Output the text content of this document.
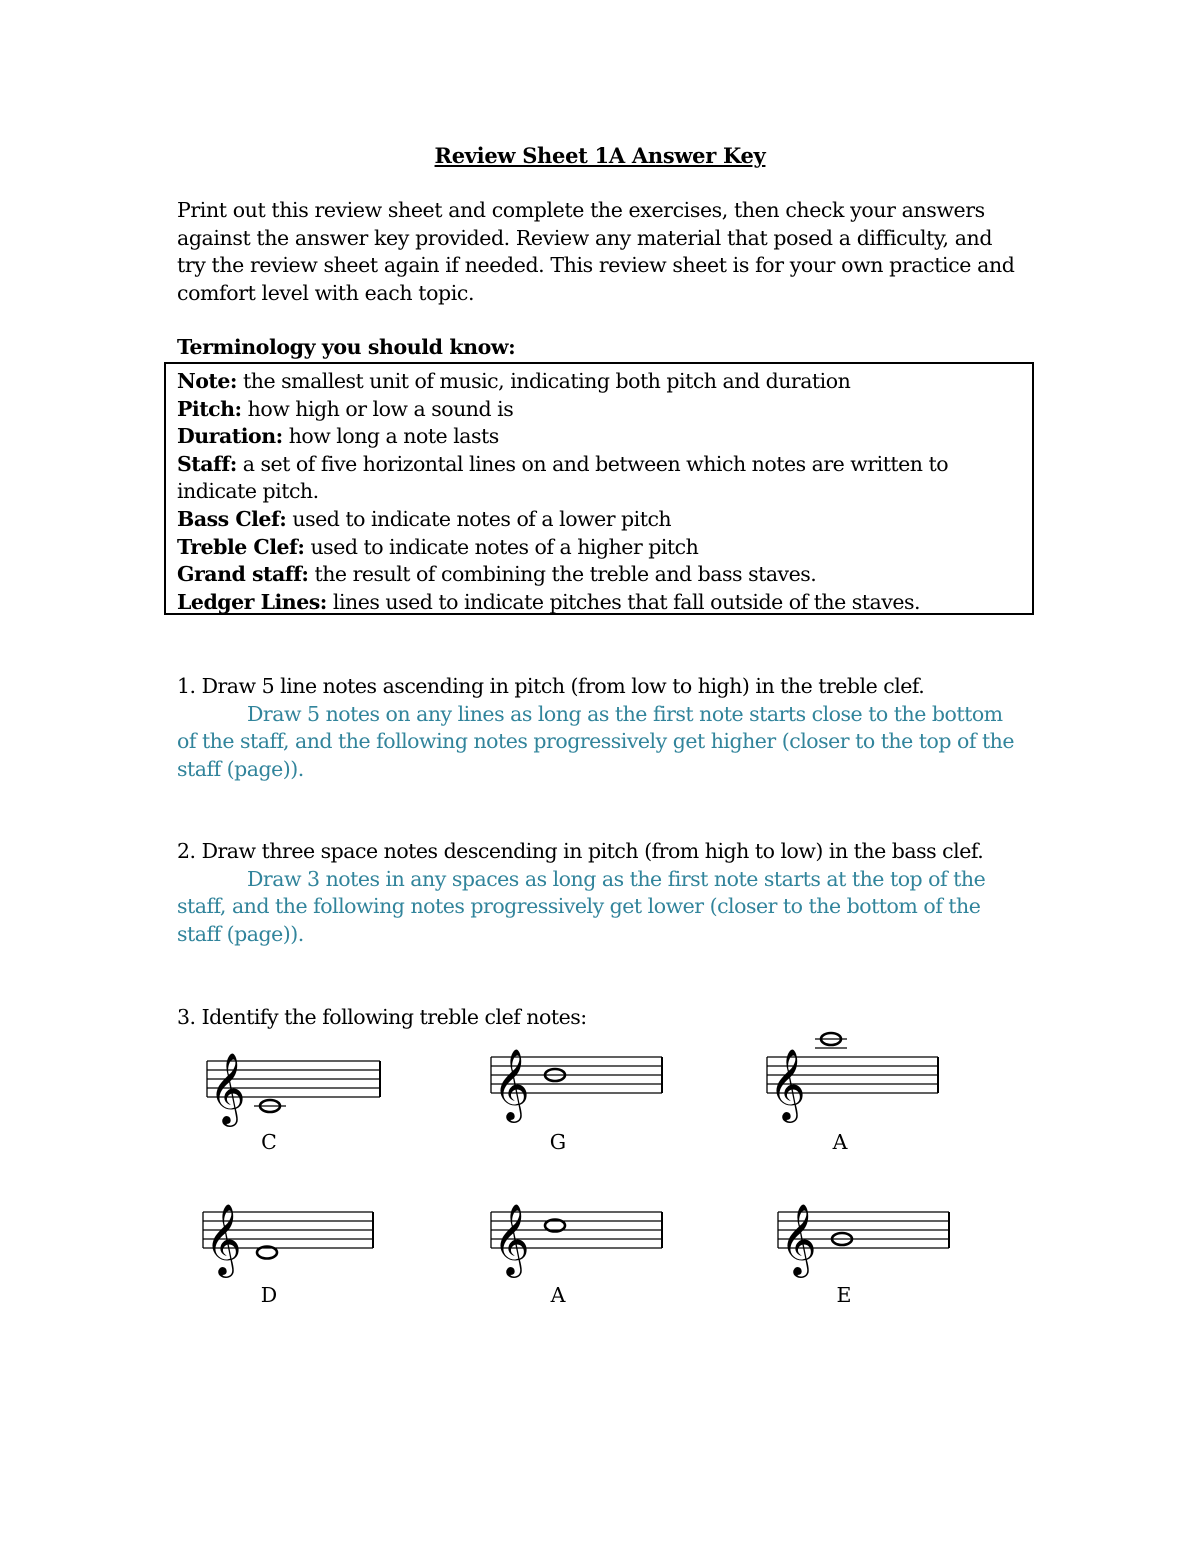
Review Sheet 1A Answer Key

Print out this review sheet and complete the exercises, then check your answers

against the answer key provided. Review any material that posed a difficulty, and

try the review sheet again if needed. This review sheet is for your own practice and

comfort level with each topic.

Terminology you should know:
Note: the smallest unit of music, indicating both pitch and duration
Pitch: how high or low a sound is
Duration: how long a note lasts
Staff: a set of five horizontal lines on and between which notes are written to
indicate pitch.
Bass Clef: used to indicate notes of a lower pitch
Treble Clef: used to indicate notes of a higher pitch
Grand staff: the result of combining the treble and bass staves.
Ledger Lines: lines used to indicate pitches that fall outside of the staves.
1. Draw 5 line notes ascending in pitch (from low to high) in the treble clef.
Draw 5 notes on any lines as long as the first note starts close to the bottom
of the staff, and the following notes progressively get higher (closer to the top of the
staff (page)).
2. Draw three space notes descending in pitch (from high to low) in the bass clef.
Draw 3 notes in any spaces as long as the first note starts at the top of the
staff, and the following notes progressively get lower (closer to the bottom of the
staff (page)).
3. Identify the following treble clef notes:
𝄞	𝄞	𝄞
𝄞	𝄞	𝄞
C	G	A
D	A	E
